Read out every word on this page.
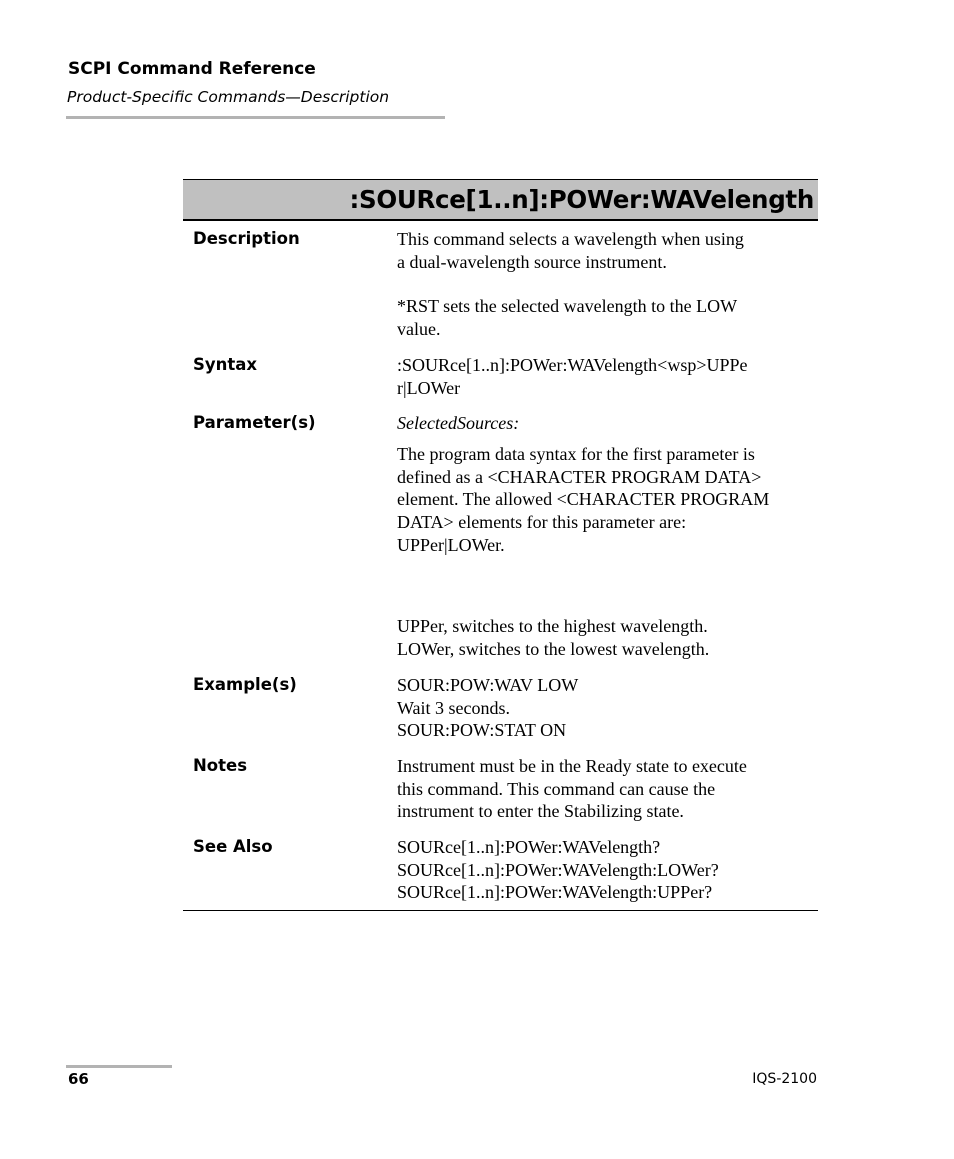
SCPI Command Reference
Product-Specific Commands—Description
:SOURce[1..n]:POWer:WAVelength
Description	This command selects a wavelength when using

a dual-wavelength source instrument.

*RST sets the selected wavelength to the LOW

value.

Syntax	:SOURce[1..n]:POWer:WAVelength<wsp>UPPe

r|LOWer

Parameter(s)	SelectedSources:

The program data syntax for the first parameter is

defined as a <CHARACTER PROGRAM DATA>

element. The allowed <CHARACTER PROGRAM

DATA> elements for this parameter are:

UPPer|LOWer.

UPPer, switches to the highest wavelength.

LOWer, switches to the lowest wavelength.

Example(s)	SOUR:POW:WAV LOW

Wait 3 seconds.

SOUR:POW:STAT ON

Notes	Instrument must be in the Ready state to execute

this command. This command can cause the

instrument to enter the Stabilizing state.

See Also	SOURce[1..n]:POWer:WAVelength?

SOURce[1..n]:POWer:WAVelength:LOWer?

SOURce[1..n]:POWer:WAVelength:UPPer?

66	IQS-2100
